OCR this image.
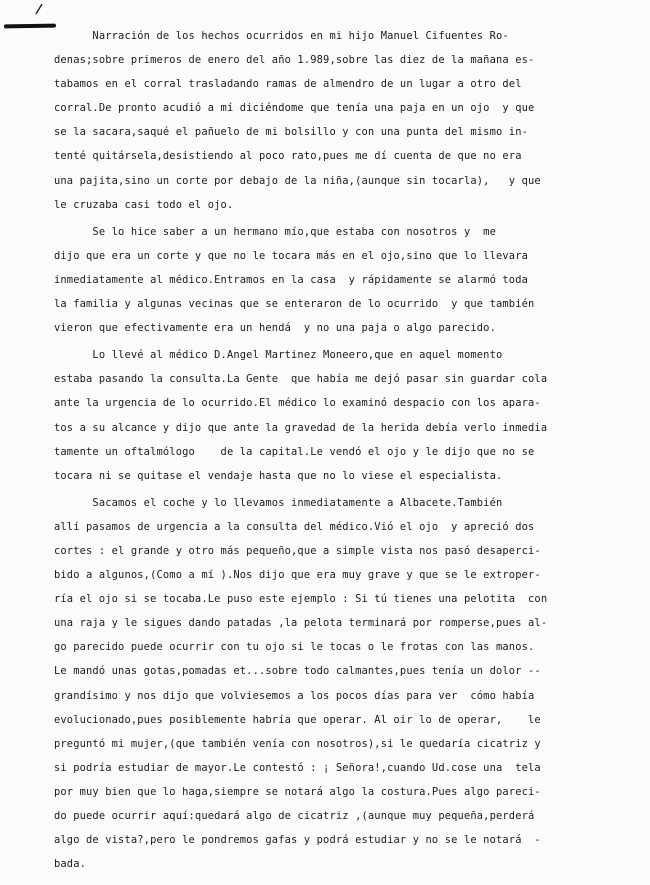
Narración de los hechos ocurridos en mi hijo Manuel Cifuentes Ro-
denas;sobre primeros de enero del año 1.989,sobre las diez de la mañana es-
tabamos en el corral trasladando ramas de almendro de un lugar a otro del
corral.De pronto acudió a mí diciéndome que tenía una paja en un ojo  y que
se la sacara,saqué el pañuelo de mi bolsillo y con una punta del mismo in-
tenté quitársela,desistiendo al poco rato,pues me dí cuenta de que no era
una pajita,sino un corte por debajo de la niña,(aunque sin tocarla),   y que
le cruzaba casi todo el ojo.
Se lo hice saber a un hermano mío,que estaba con nosotros y  me
dijo que era un corte y que no le tocara más en el ojo,sino que lo llevara
inmediatamente al médico.Entramos en la casa  y rápidamente se alarmó toda
la familia y algunas vecinas que se enteraron de lo ocurrido  y que también
vieron que efectivamente era un hendá  y no una paja o algo parecido.
Lo llevé al médico D.Angel Martinez Moneero,que en aquel momento
estaba pasando la consulta.La Gente  que había me dejó pasar sin guardar cola
ante la urgencia de lo ocurrido.El médico lo examinó despacio con los apara-
tos a su alcance y dijo que ante la gravedad de la herida debía verlo inmedia
tamente un oftalmólogo    de la capital.Le vendó el ojo y le dijo que no se
tocara ni se quitase el vendaje hasta que no lo viese el especialista.
Sacamos el coche y lo llevamos inmediatamente a Albacete.También
allí pasamos de urgencia a la consulta del médico.Vió el ojo  y apreció dos
cortes : el grande y otro más pequeño,que a simple vista nos pasó desaperci-
bido a algunos,(Como a mí ).Nos dijo que era muy grave y que se le extroper-
ría el ojo si se tocaba.Le puso este ejemplo : Si tú tienes una pelotita  con
una raja y le sigues dando patadas ,la pelota terminará por romperse,pues al-
go parecido puede ocurrir con tu ojo si le tocas o le frotas con las manos.
Le mandó unas gotas,pomadas et...sobre todo calmantes,pues tenía un dolor --
grandísimo y nos dijo que volviesemos a los pocos días para ver  cómo había
evolucionado,pues posiblemente habría que operar. Al oir lo de operar,    le
preguntó mi mujer,(que también venía con nosotros),si le quedaría cicatriz y
si podría estudiar de mayor.Le contestó : ¡ Señora!,cuando Ud.cose una  tela
por muy bien que lo haga,siempre se notará algo la costura.Pues algo pareci-
do puede ocurrir aquí:quedará algo de cicatriz ,(aunque muy pequeña,perderá
algo de vista?,pero le pondremos gafas y podrá estudiar y no se le notará  -
bada.
